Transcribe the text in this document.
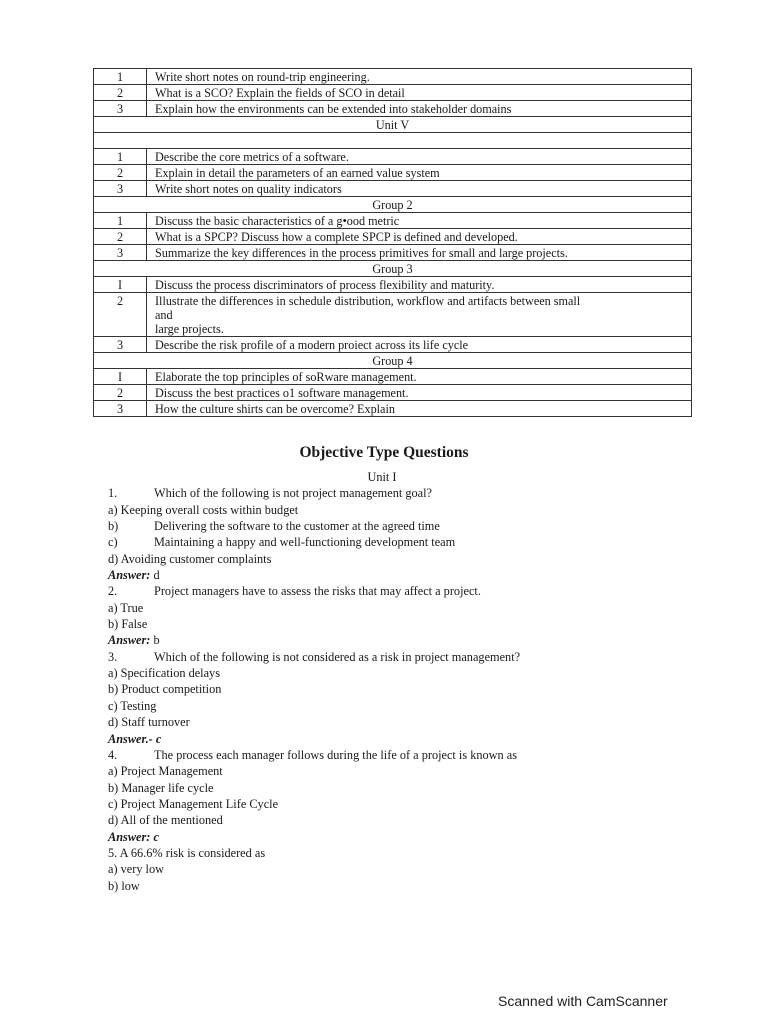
1	Write short notes on round-trip engineering.
2	What is a SCO? Explain the fields of SCO in detail
3	Explain how the environments can be extended into stakeholder domains
Unit V	

1	Describe the core metrics of a software.
2	Explain in detail the parameters of an earned value system
3	Write short notes on quality indicators
Group 2	
1	Discuss the basic characteristics of a g•ood metric
2	What is a SPCP? Discuss how a complete SPCP is defined and developed.
3	Summarize the key differences in the process primitives for small and large projects.
Group 3	
I	Discuss the process discriminators of process flexibility and maturity.
2	Illustrate the differences in schedule distribution, workflow and artifacts between small
and
large projects.

3	Describe the risk profile of a modern proiect across its life cycle
Group 4	
I	Elaborate the top principles of soRware management.
2	Discuss the best practices o1 software management.
3	How the culture shirts can be overcome? Explain
Objective Type Questions
Unit I
1.	Which of the following is not project management goal?
a) Keeping overall costs within budget
b)	Delivering the software to the customer at the agreed time
c)	Maintaining a happy and well-functioning development team
d) Avoiding customer complaints
Answer: d
2.	Project managers have to assess the risks that may affect a project.
a) True
b) False
Answer: b
3.	Which of the following is not considered as a risk in project management?
a) Specification delays
b) Product competition
c) Testing
d) Staff turnover
Answer.- c
4.	The process each manager follows during the life of a project is known as
a) Project Management
b) Manager life cycle
c) Project Management Life Cycle
d) All of the mentioned
Answer: c
5. A 66.6% risk is considered as
a) very low
b) low
Scanned with CamScanner
